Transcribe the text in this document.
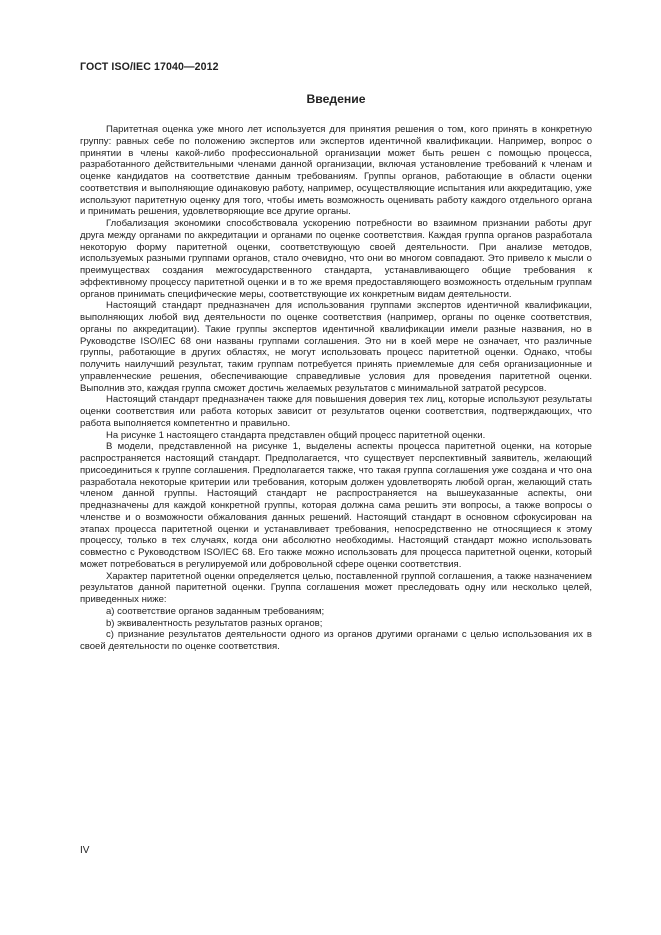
ГОСТ ISO/IEC 17040—2012
Введение

Паритетная оценка уже много лет используется для принятия решения о том, кого принять в конкретную группу: равных себе по положению экспертов или экспертов идентичной квалификации. Например, вопрос о принятии в члены какой-либо профессиональной организации может быть решен с помощью процесса, разработанного действительными членами данной организации, включая установление требований к членам и оценке кандидатов на соответствие данным требованиям. Группы органов, работающие в области оценки соответствия и выполняющие одинаковую работу, например, осуществляющие испытания или аккредитацию, уже используют паритетную оценку для того, чтобы иметь возможность оценивать работу каждого отдельного органа и принимать решения, удовлетворяющие все другие органы.

Глобализация экономики способствовала ускорению потребности во взаимном признании работы друг друга между органами по аккредитации и органами по оценке соответствия. Каждая группа органов разработала некоторую форму паритетной оценки, соответствующую своей деятельности. При анализе методов, используемых разными группами органов, стало очевидно, что они во многом совпадают. Это привело к мысли о преимуществах создания межгосударственного стандарта, устанавливающего общие требования к эффективному процессу паритетной оценки и в то же время предоставляющего возможность отдельным группам органов принимать специфические меры, соответствующие их конкретным видам деятельности.

Настоящий стандарт предназначен для использования группами экспертов идентичной квалификации, выполняющих любой вид деятельности по оценке соответствия (например, органы по оценке соответствия, органы по аккредитации). Такие группы экспертов идентичной квалификации имели разные названия, но в Руководстве ISO/IEC 68 они названы группами соглашения. Это ни в коей мере не означает, что различные группы, работающие в других областях, не могут использовать процесс паритетной оценки. Однако, чтобы получить наилучший результат, таким группам потребуется принять приемлемые для себя организационные и управленческие решения, обеспечивающие справедливые условия для проведения паритетной оценки. Выполнив это, каждая группа сможет достичь желаемых результатов с минимальной затратой ресурсов.

Настоящий стандарт предназначен также для повышения доверия тех лиц, которые используют результаты оценки соответствия или работа которых зависит от результатов оценки соответствия, подтверждающих, что работа выполняется компетентно и правильно.

На рисунке 1 настоящего стандарта представлен общий процесс паритетной оценки.

В модели, представленной на рисунке 1, выделены аспекты процесса паритетной оценки, на которые распространяется настоящий стандарт. Предполагается, что существует перспективный заявитель, желающий присоединиться к группе соглашения. Предполагается также, что такая группа соглашения уже создана и что она разработала некоторые критерии или требования, которым должен удовлетворять любой орган, желающий стать членом данной группы. Настоящий стандарт не распространяется на вышеуказанные аспекты, они предназначены для каждой конкретной группы, которая должна сама решить эти вопросы, а также вопросы о членстве и о возможности обжалования данных решений. Настоящий стандарт в основном сфокусирован на этапах процесса паритетной оценки и устанавливает требования, непосредственно не относящиеся к этому процессу, только в тех случаях, когда они абсолютно необходимы. Настоящий стандарт можно использовать совместно с Руководством ISO/IEC 68. Его также можно использовать для процесса паритетной оценки, который может потребоваться в регулируемой или добровольной сфере оценки соответствия.

Характер паритетной оценки определяется целью, поставленной группой соглашения, а также назначением результатов данной паритетной оценки. Группа соглашения может преследовать одну или несколько целей, приведенных ниже:

a) соответствие органов заданным требованиям;

b) эквивалентность результатов разных органов;

c) признание результатов деятельности одного из органов другими органами с целью использования их в своей деятельности по оценке соответствия.

IV
